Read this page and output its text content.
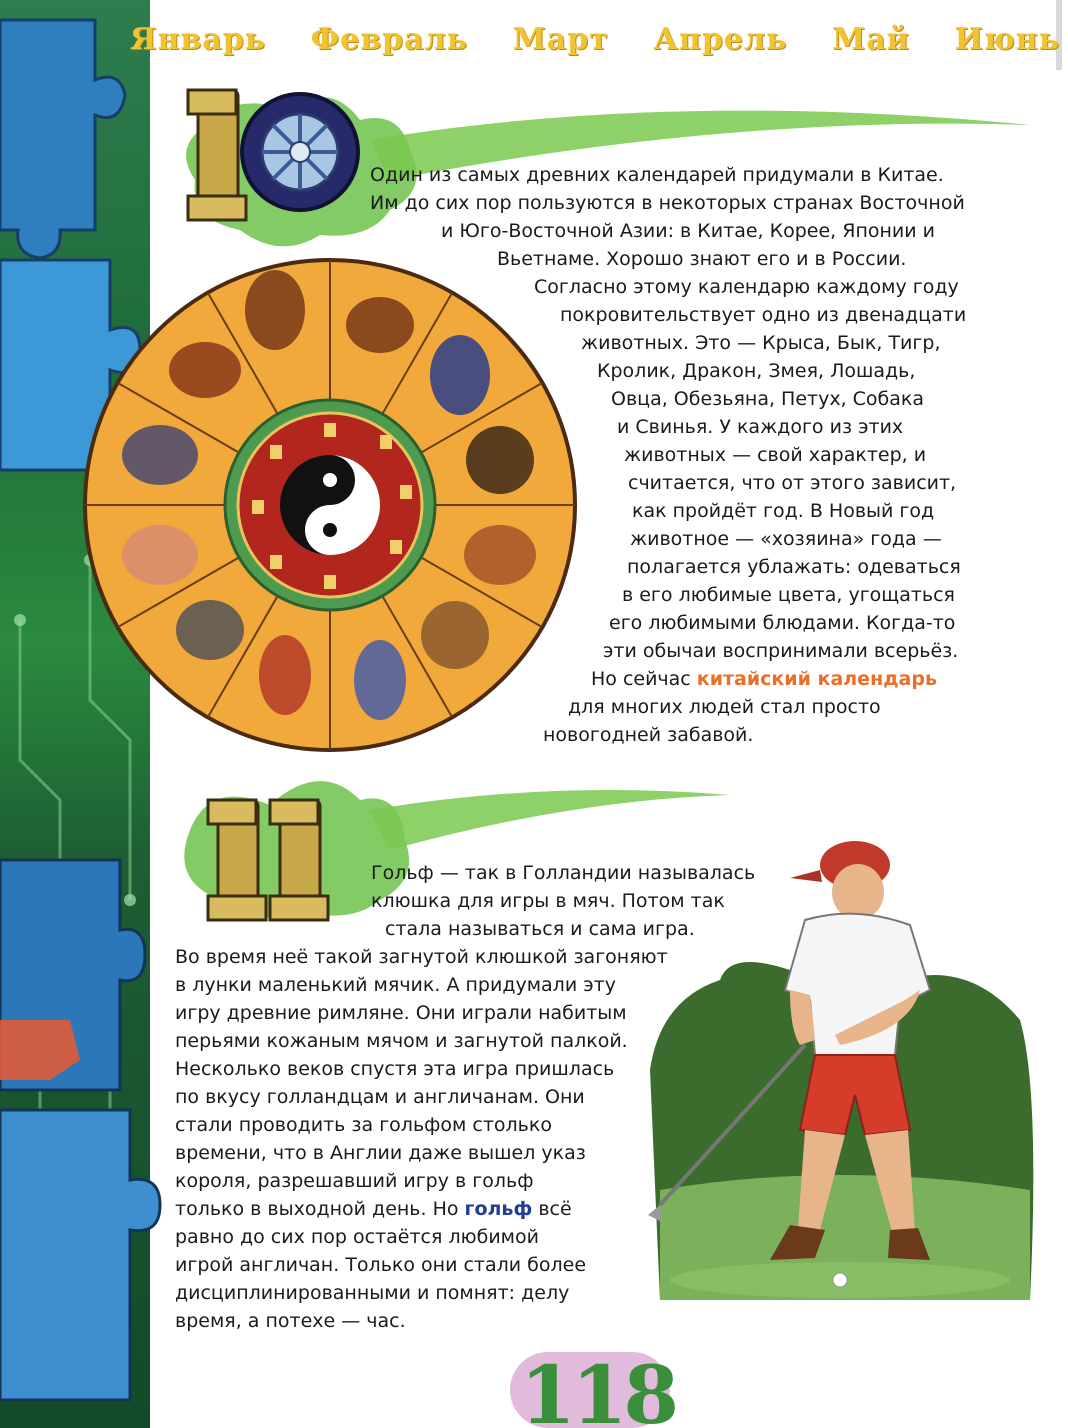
Январь Февраль Март Апрель Май Июнь
Один из самых древних календарей придумали в Китае.
Им до сих пор пользуются в некоторых странах Восточной
и Юго-Восточной Азии: в Китае, Корее, Японии и
Вьетнаме. Хорошо знают его и в России.
Согласно этому календарю каждому году
покровительствует одно из двенадцати
животных. Это — Крыса, Бык, Тигр,
Кролик, Дракон, Змея, Лошадь,
Овца, Обезьяна, Петух, Собака
и Свинья. У каждого из этих
животных — свой характер, и
считается, что от этого зависит,
как пройдёт год. В Новый год
животное — «хозяина» года —
полагается ублажать: одеваться
в его любимые цвета, угощаться
его любимыми блюдами. Когда-то
эти обычаи воспринимали всерьёз.
Но сейчас китайский календарь
для многих людей стал просто
новогодней забавой.
Гольф — так в Голландии называлась
клюшка для игры в мяч. Потом так
стала называться и сама игра.
Во время неё такой загнутой клюшкой загоняют
в лунки маленький мячик. А придумали эту
игру древние римляне. Они играли набитым
перьями кожаным мячом и загнутой палкой.
Несколько веков спустя эта игра пришлась
по вкусу голландцам и англичанам. Они
стали проводить за гольфом столько
времени, что в Англии даже вышел указ
короля, разрешавший игру в гольф
только в выходной день. Но гольф всё
равно до сих пор остаётся любимой
игрой англичан. Только они стали более
дисциплинированными и помнят: делу
время, а потехе — час.
118
